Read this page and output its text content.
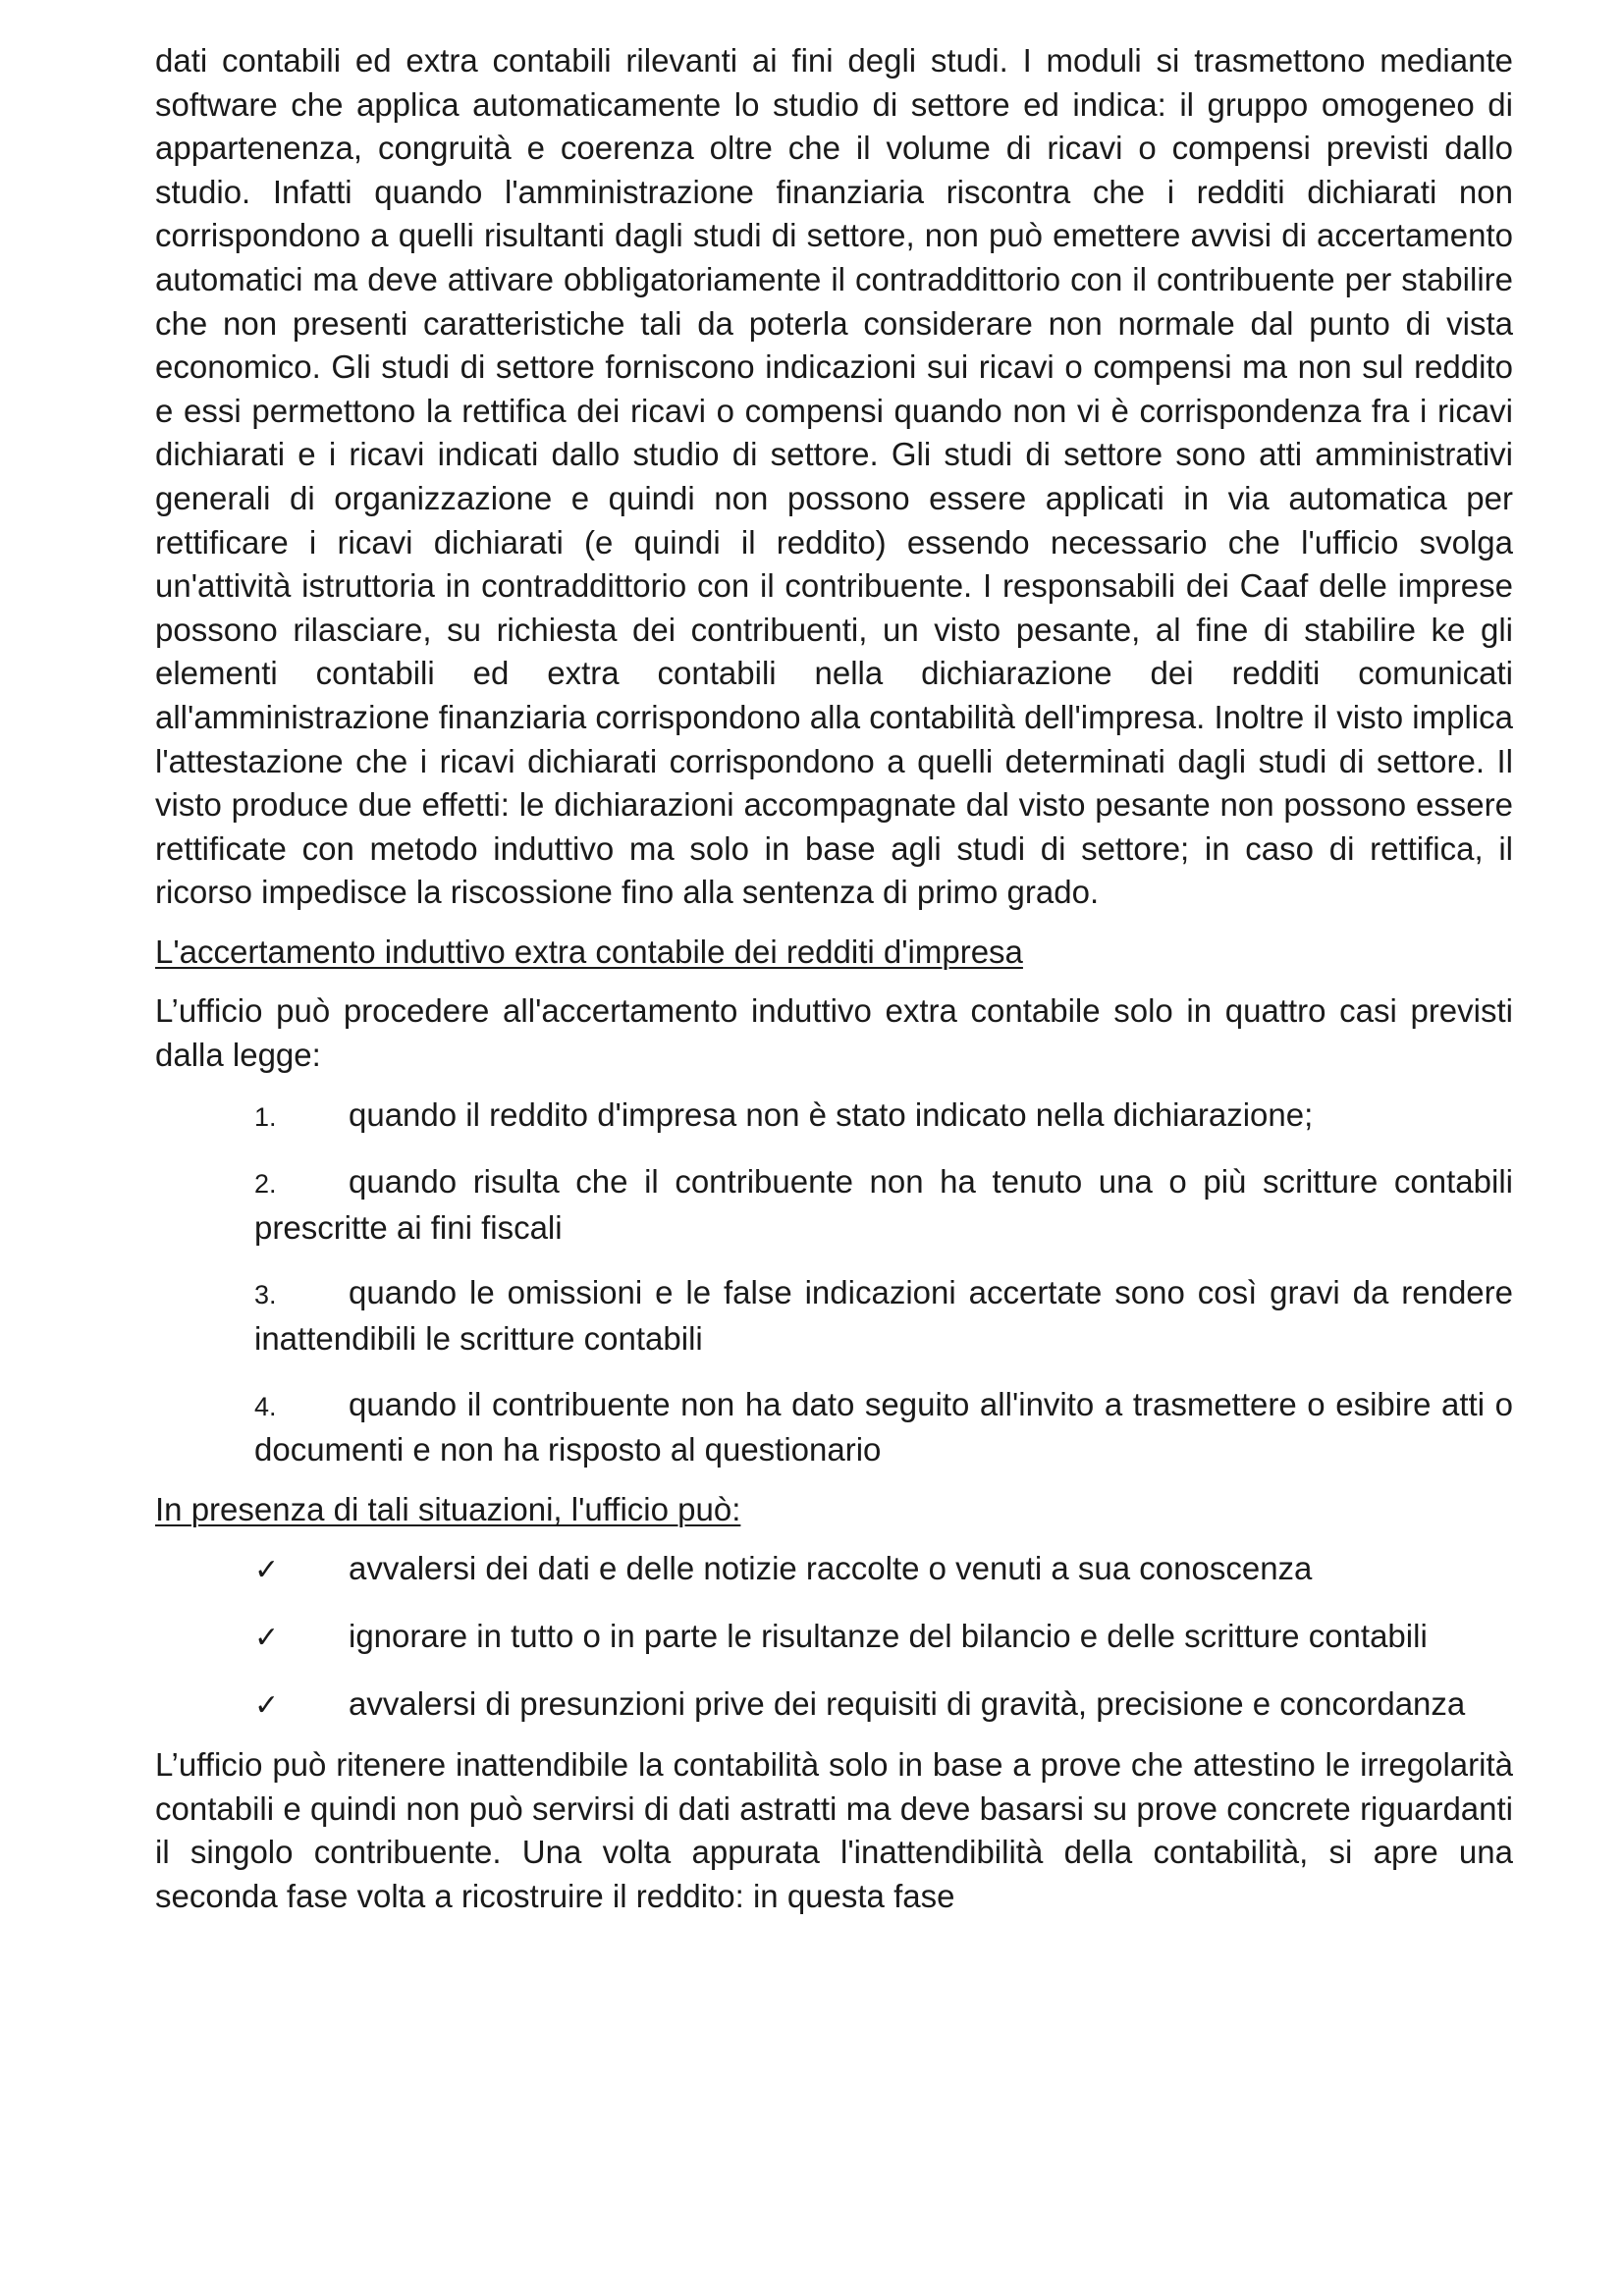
dati contabili ed extra contabili rilevanti ai fini degli studi. I moduli si trasmettono mediante software che applica automaticamente lo studio di settore ed indica: il gruppo omogeneo di appartenenza, congruità e coerenza oltre che il volume di ricavi o compensi previsti dallo studio. Infatti quando l'amministrazione finanziaria riscontra che i redditi dichiarati non corrispondono a quelli risultanti dagli studi di settore, non può emettere avvisi di accertamento automatici ma deve attivare obbligatoriamente il contraddittorio con il contribuente per stabilire che non presenti caratteristiche tali da poterla considerare non normale dal punto di vista economico. Gli studi di settore forniscono indicazioni sui ricavi o compensi ma non sul reddito e essi permettono la rettifica dei ricavi o compensi quando non vi è corrispondenza fra i ricavi dichiarati e i ricavi indicati dallo studio di settore. Gli studi di settore sono atti amministrativi generali di organizzazione e quindi non possono essere applicati in via automatica per rettificare i ricavi dichiarati (e quindi il reddito) essendo necessario che l'ufficio svolga un'attività istruttoria in contraddittorio con il contribuente. I responsabili dei Caaf delle imprese possono rilasciare, su richiesta dei contribuenti, un visto pesante, al fine di stabilire ke gli elementi contabili ed extra contabili nella dichiarazione dei redditi comunicati all'amministrazione finanziaria corrispondono alla contabilità dell'impresa. Inoltre il visto implica l'attestazione che i ricavi dichiarati corrispondono a quelli determinati dagli studi di settore. Il visto produce due effetti: le dichiarazioni accompagnate dal visto pesante non possono essere rettificate con metodo induttivo ma solo in base agli studi di settore; in caso di rettifica, il ricorso impedisce la riscossione fino alla sentenza di primo grado.

L'accertamento induttivo extra contabile dei redditi d'impresa

L’ufficio può procedere all'accertamento induttivo extra contabile solo in quattro casi previsti dalla legge:

1. quando il reddito d'impresa non è stato indicato nella dichiarazione;
2. quando risulta che il contribuente non ha tenuto una o più scritture contabili prescritte ai fini fiscali
3. quando le omissioni e le false indicazioni accertate sono così gravi da rendere inattendibili le scritture contabili
4. quando il contribuente non ha dato seguito all'invito a trasmettere o esibire atti o documenti e non ha risposto al questionario

In presenza di tali situazioni, l'ufficio può:

✓ avvalersi dei dati e delle notizie raccolte o venuti a sua conoscenza
✓ ignorare in tutto o in parte le risultanze del bilancio e delle scritture contabili
✓ avvalersi di presunzioni prive dei requisiti di gravità, precisione e concordanza

L’ufficio può ritenere inattendibile la contabilità solo in base a prove che attestino le irregolarità contabili e quindi non può servirsi di dati astratti ma deve basarsi su prove concrete riguardanti il singolo contribuente. Una volta appurata l'inattendibilità della contabilità, si apre una seconda fase volta a ricostruire il reddito: in questa fase
